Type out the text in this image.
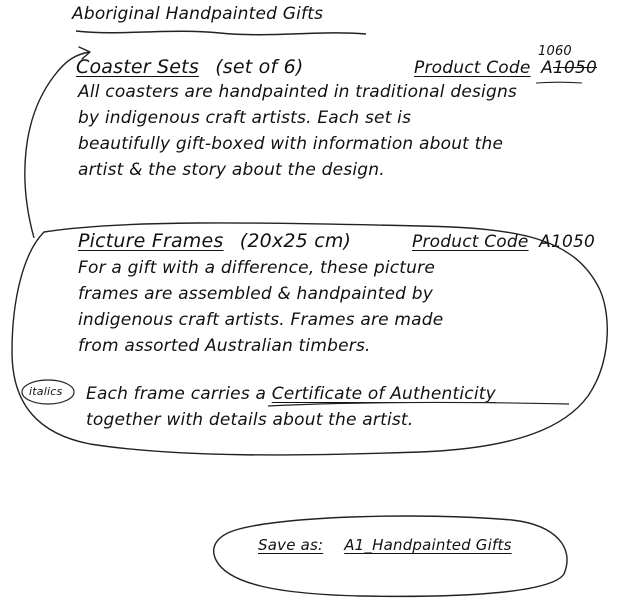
Aboriginal Handpainted Gifts
Coaster Sets (set of 6)	Product Code A1050
1060
All coasters are handpainted in traditional designs
by indigenous craft artists. Each set is
beautifully gift-boxed with information about the
artist & the story about the design.
Picture Frames (20x25 cm)	Product Code A1050
For a gift with a difference, these picture
frames are assembled & handpainted by
indigenous craft artists. Frames are made
from assorted Australian timbers.
italics Each frame carries a Certificate of Authenticity
together with details about the artist.
Save as: A1_Handpainted Gifts
